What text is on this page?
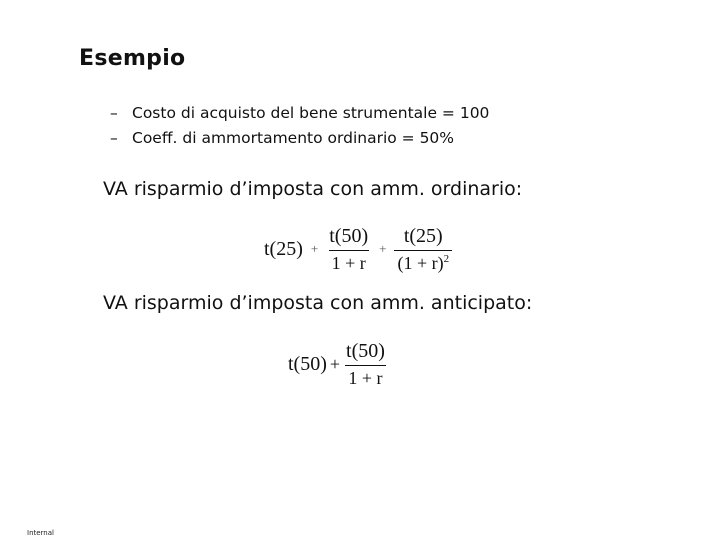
Esempio
– Costo di acquisto del bene strumentale = 100
– Coeff. di ammortamento ordinario = 50%
VA risparmio d’imposta con amm. ordinario:
$t(25) + \frac{t(50)}{1 + r} + \frac{t(25)}{(1 + r)^2}$
VA risparmio d’imposta con amm. anticipato:
$t(50) + \frac{t(50)}{1 + r}$
Internal
